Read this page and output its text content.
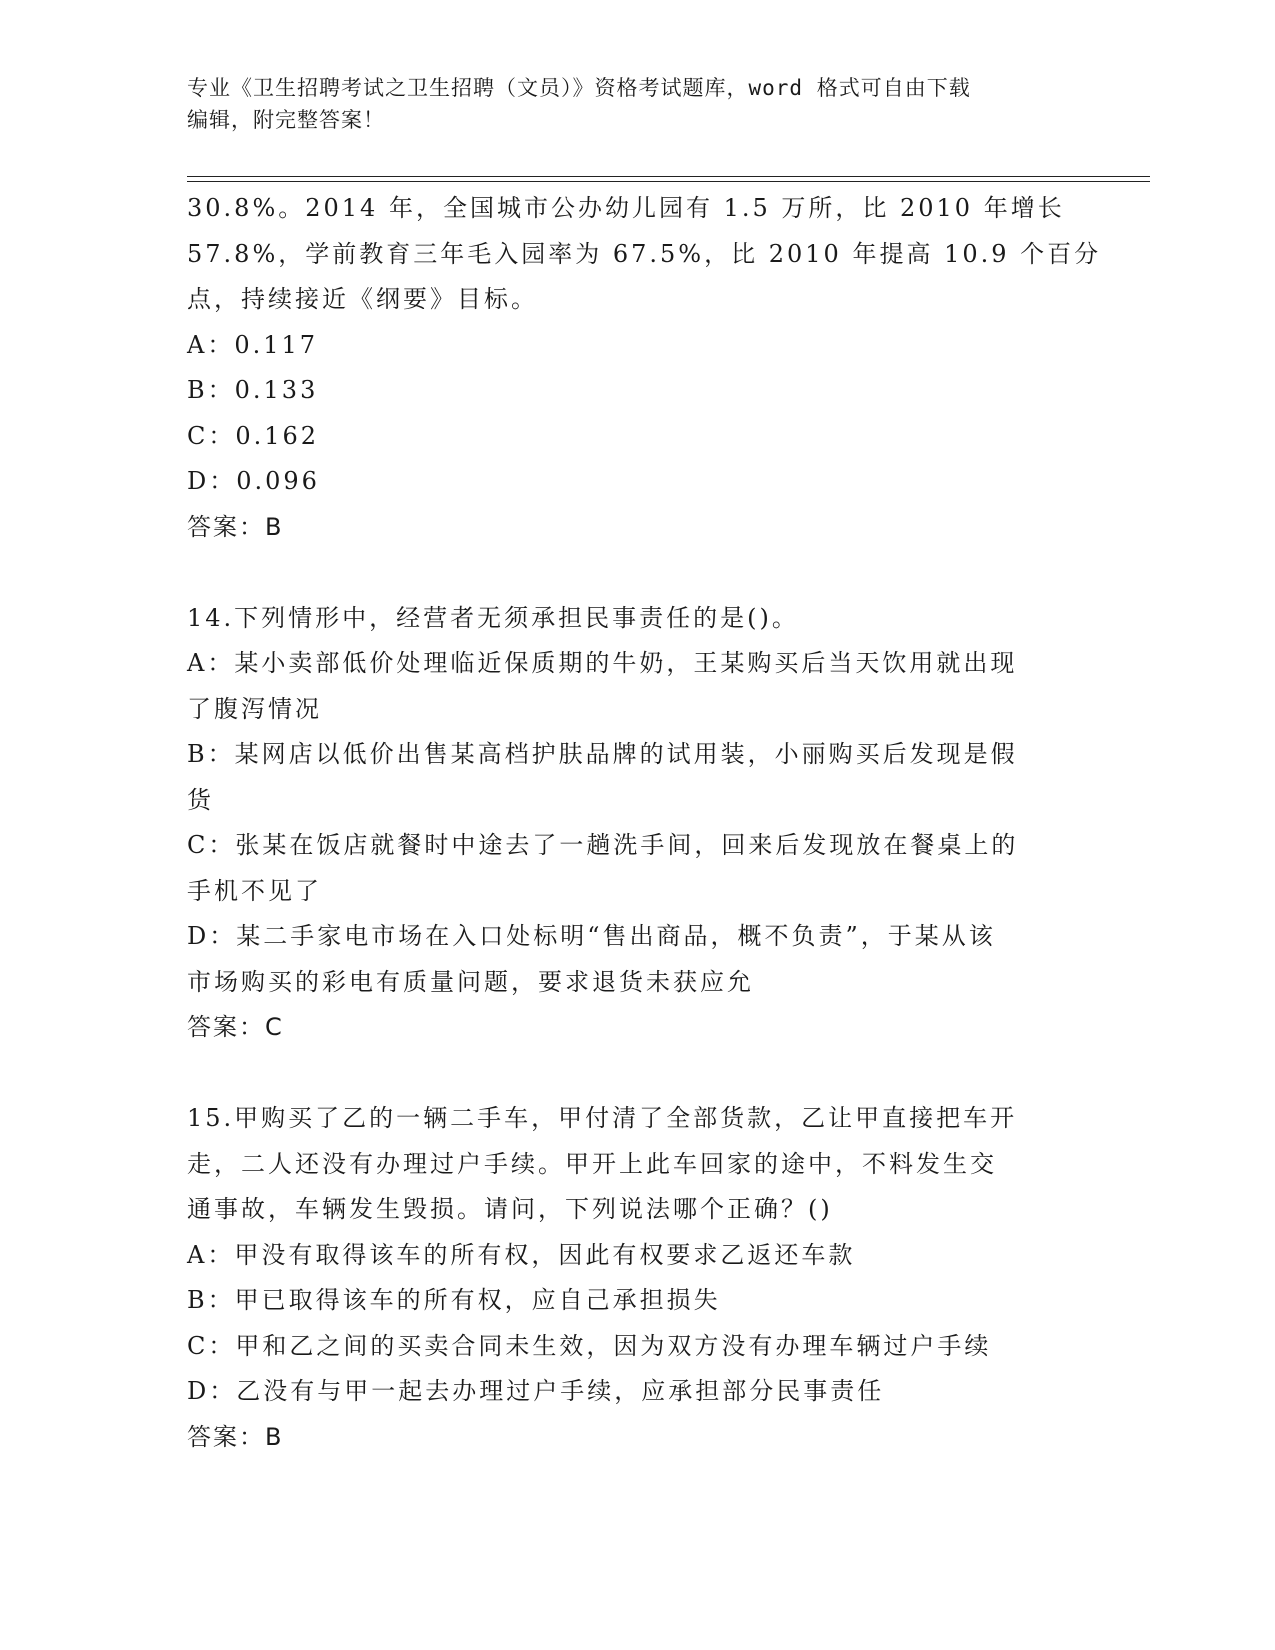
专业《卫生招聘考试之卫生招聘（文员）》资格考试题库，word 格式可自由下载
编辑，附完整答案！
30.8%。2014 年，全国城市公办幼儿园有 1.5 万所，比 2010 年增长
57.8%，学前教育三年毛入园率为 67.5%，比 2010 年提高 10.9 个百分
点，持续接近《纲要》目标。
A：0.117
B：0.133
C：0.162
D：0.096
答案：B
14.下列情形中，经营者无须承担民事责任的是()。
A：某小卖部低价处理临近保质期的牛奶，王某购买后当天饮用就出现
了腹泻情况
B：某网店以低价出售某高档护肤品牌的试用装，小丽购买后发现是假
货
C：张某在饭店就餐时中途去了一趟洗手间，回来后发现放在餐桌上的
手机不见了
D：某二手家电市场在入口处标明“售出商品，概不负责”，于某从该
市场购买的彩电有质量问题，要求退货未获应允
答案：C
15.甲购买了乙的一辆二手车，甲付清了全部货款，乙让甲直接把车开
走，二人还没有办理过户手续。甲开上此车回家的途中，不料发生交
通事故，车辆发生毁损。请问，下列说法哪个正确？()
A：甲没有取得该车的所有权，因此有权要求乙返还车款
B：甲已取得该车的所有权，应自己承担损失
C：甲和乙之间的买卖合同未生效，因为双方没有办理车辆过户手续
D：乙没有与甲一起去办理过户手续，应承担部分民事责任
答案：B
